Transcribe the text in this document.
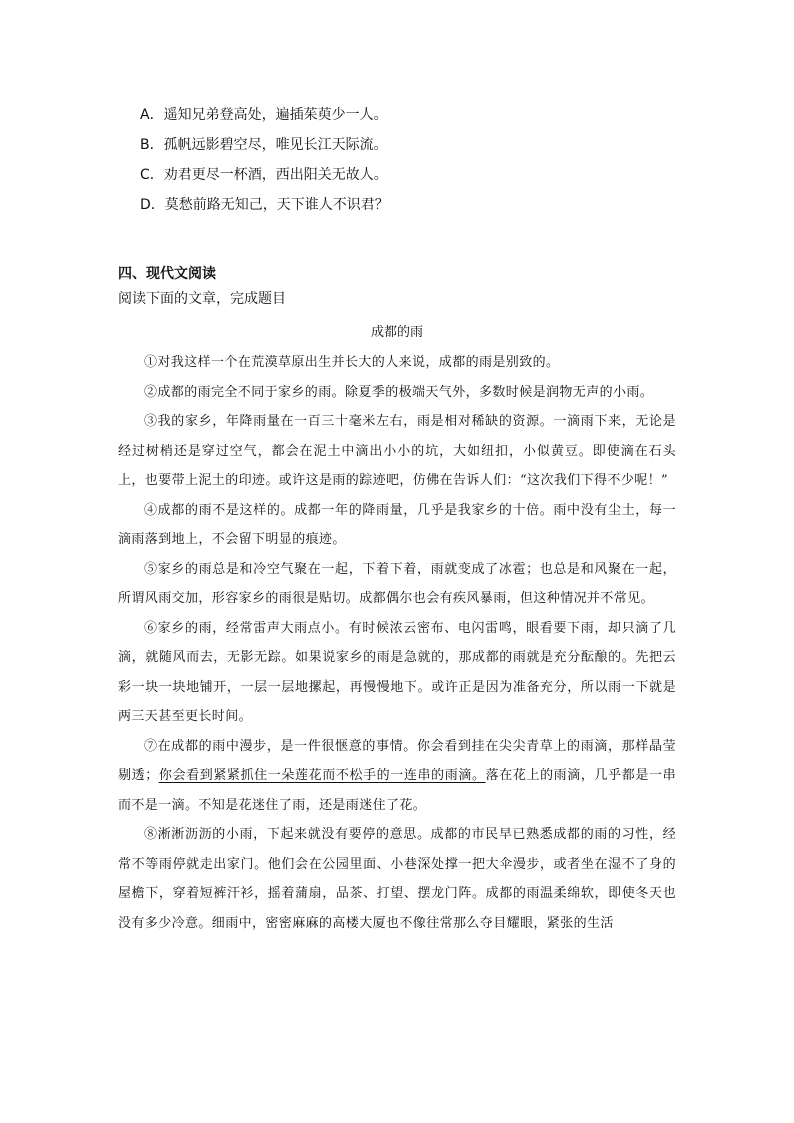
A．遥知兄弟登高处，遍插茱萸少一人。
B．孤帆远影碧空尽，唯见长江天际流。
C．劝君更尽一杯酒，西出阳关无故人。
D．莫愁前路无知己，天下谁人不识君？
四、现代文阅读
阅读下面的文章，完成题目
成都的雨

①对我这样一个在荒漠草原出生并长大的人来说，成都的雨是别致的。

②成都的雨完全不同于家乡的雨。除夏季的极端天气外，多数时候是润物无声的小雨。

③我的家乡，年降雨量在一百三十毫米左右，雨是相对稀缺的资源。一滴雨下来，无论是经过树梢还是穿过空气，都会在泥土中滴出小小的坑，大如纽扣，小似黄豆。即使滴在石头上，也要带上泥土的印迹。或许这是雨的踪迹吧，仿佛在告诉人们：“这次我们下得不少呢！”

④成都的雨不是这样的。成都一年的降雨量，几乎是我家乡的十倍。雨中没有尘土，每一滴雨落到地上，不会留下明显的痕迹。

⑤家乡的雨总是和冷空气聚在一起，下着下着，雨就变成了冰雹；也总是和风聚在一起，所谓风雨交加，形容家乡的雨很是贴切。成都偶尔也会有疾风暴雨，但这种情况并不常见。

⑥家乡的雨，经常雷声大雨点小。有时候浓云密布、电闪雷鸣，眼看要下雨，却只滴了几滴，就随风而去，无影无踪。如果说家乡的雨是急就的，那成都的雨就是充分酝酿的。先把云彩一块一块地铺开，一层一层地摞起，再慢慢地下。或许正是因为准备充分，所以雨一下就是两三天甚至更长时间。

⑦在成都的雨中漫步，是一件很惬意的事情。你会看到挂在尖尖青草上的雨滴，那样晶莹剔透；你会看到紧紧抓住一朵莲花而不松手的一连串的雨滴。落在花上的雨滴，几乎都是一串而不是一滴。不知是花迷住了雨，还是雨迷住了花。

⑧淅淅沥沥的小雨，下起来就没有要停的意思。成都的市民早已熟悉成都的雨的习性，经常不等雨停就走出家门。他们会在公园里面、小巷深处撑一把大伞漫步，或者坐在湿不了身的屋檐下，穿着短裤汗衫，摇着蒲扇，品茶、打望、摆龙门阵。成都的雨温柔绵软，即使冬天也没有多少冷意。细雨中，密密麻麻的高楼大厦也不像往常那么夺目耀眼，紧张的生活
